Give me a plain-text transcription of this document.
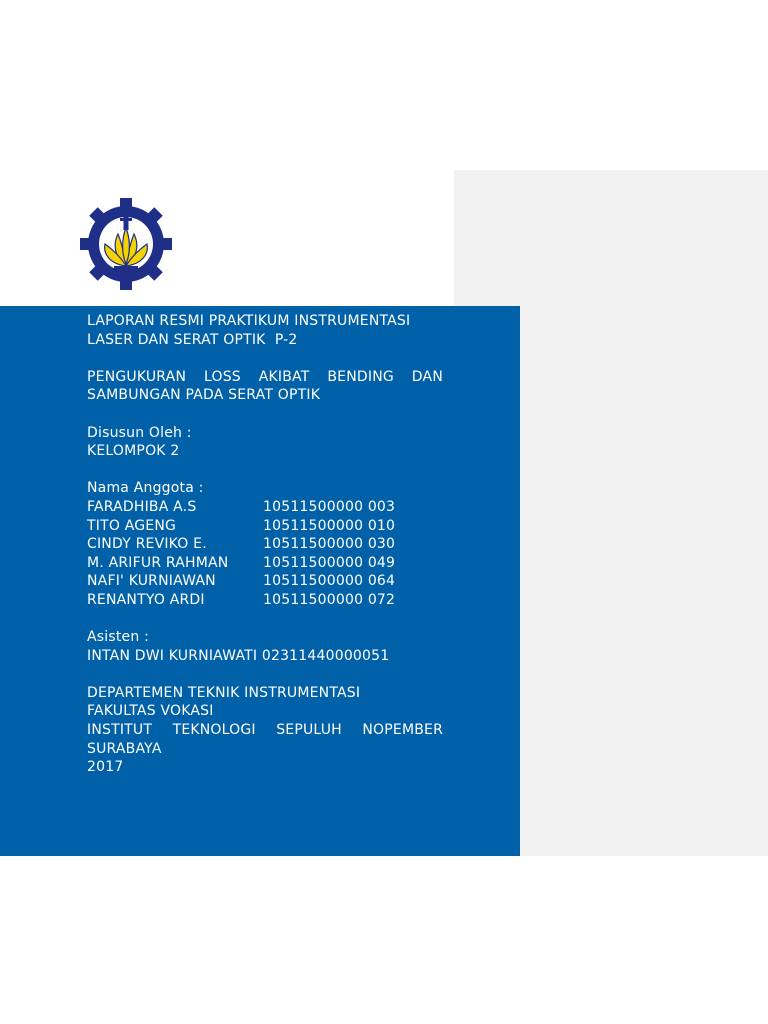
LAPORAN RESMI PRAKTIKUM INSTRUMENTASI
LASER DAN SERAT OPTIK  P-2
PENGUKURAN LOSS AKIBAT BENDING DAN
SAMBUNGAN PADA SERAT OPTIK
Disusun Oleh :
KELOMPOK 2
Nama Anggota :
FARADHIBA A.S	10511500000 003
TITO AGENG	10511500000 010
CINDY REVIKO E.	10511500000 030
M. ARIFUR RAHMAN	10511500000 049
NAFI' KURNIAWAN	10511500000 064
RENANTYO ARDI	10511500000 072
Asisten :
INTAN DWI KURNIAWATI 02311440000051
DEPARTEMEN TEKNIK INSTRUMENTASI
FAKULTAS VOKASI
INSTITUT TEKNOLOGI SEPULUH NOPEMBER
SURABAYA
2017
